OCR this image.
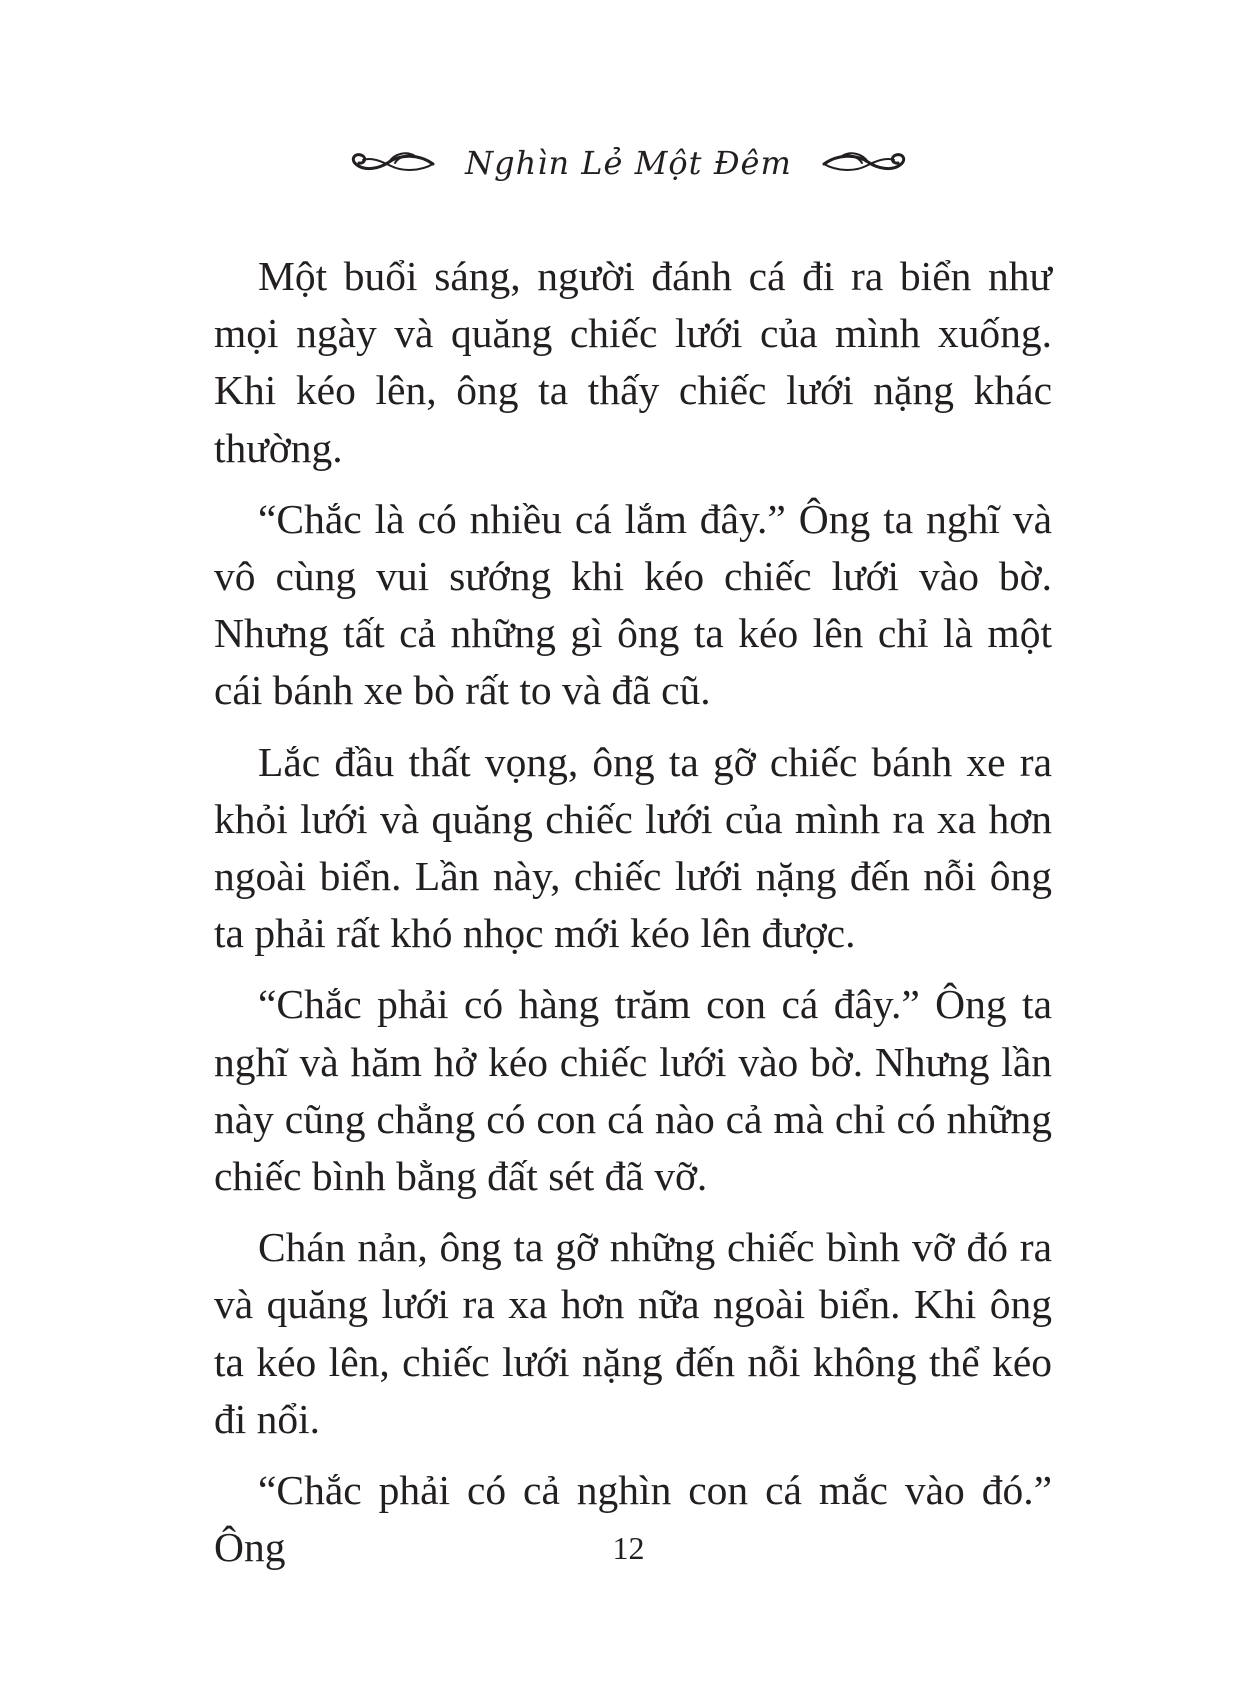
Nghìn Lẻ Một Đêm

Một buổi sáng, người đánh cá đi ra biển như mọi ngày và quăng chiếc lưới của mình xuống. Khi kéo lên, ông ta thấy chiếc lưới nặng khác thường.

“Chắc là có nhiều cá lắm đây.” Ông ta nghĩ và vô cùng vui sướng khi kéo chiếc lưới vào bờ. Nhưng tất cả những gì ông ta kéo lên chỉ là một cái bánh xe bò rất to và đã cũ.

Lắc đầu thất vọng, ông ta gỡ chiếc bánh xe ra khỏi lưới và quăng chiếc lưới của mình ra xa hơn ngoài biển. Lần này, chiếc lưới nặng đến nỗi ông ta phải rất khó nhọc mới kéo lên được.

“Chắc phải có hàng trăm con cá đây.” Ông ta nghĩ và hăm hở kéo chiếc lưới vào bờ. Nhưng lần này cũng chẳng có con cá nào cả mà chỉ có những chiếc bình bằng đất sét đã vỡ.

Chán nản, ông ta gỡ những chiếc bình vỡ đó ra và quăng lưới ra xa hơn nữa ngoài biển. Khi ông ta kéo lên, chiếc lưới nặng đến nỗi không thể kéo đi nổi.

“Chắc phải có cả nghìn con cá mắc vào đó.” Ông	12
